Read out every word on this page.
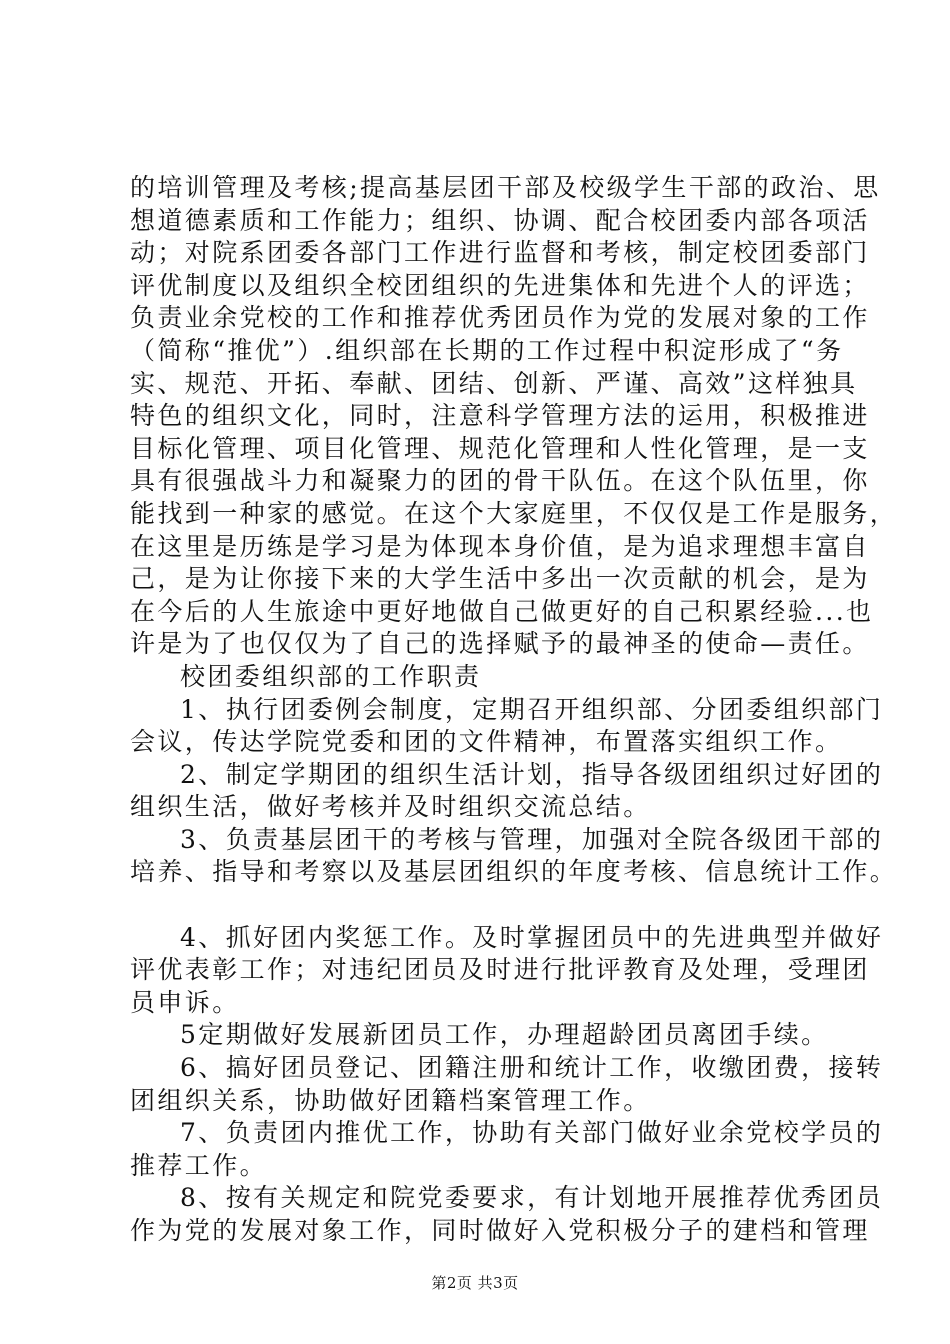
的培训管理及考核;提高基层团干部及校级学生干部的政治、思
想道德素质和工作能力；组织、协调、配合校团委内部各项活
动；对院系团委各部门工作进行监督和考核，制定校团委部门
评优制度以及组织全校团组织的先进集体和先进个人的评选；
负责业余党校的工作和推荐优秀团员作为党的发展对象的工作
（简称“推优”）.组织部在长期的工作过程中积淀形成了“务
实、规范、开拓、奉献、团结、创新、严谨、高效”这样独具
特色的组织文化，同时，注意科学管理方法的运用，积极推进
目标化管理、项目化管理、规范化管理和人性化管理，是一支
具有很强战斗力和凝聚力的团的骨干队伍。在这个队伍里，你
能找到一种家的感觉。在这个大家庭里，不仅仅是工作是服务，
在这里是历练是学习是为体现本身价值，是为追求理想丰富自
己，是为让你接下来的大学生活中多出一次贡献的机会，是为
在今后的人生旅途中更好地做自己做更好的自己积累经验...也
许是为了也仅仅为了自己的选择赋予的最神圣的使命—责任。
校团委组织部的工作职责
1、执行团委例会制度，定期召开组织部、分团委组织部门
会议，传达学院党委和团的文件精神，布置落实组织工作。
2、制定学期团的组织生活计划，指导各级团组织过好团的
组织生活，做好考核并及时组织交流总结。
3、负责基层团干的考核与管理，加强对全院各级团干部的
培养、指导和考察以及基层团组织的年度考核、信息统计工作。
4、抓好团内奖惩工作。及时掌握团员中的先进典型并做好
评优表彰工作；对违纪团员及时进行批评教育及处理，受理团
员申诉。
5定期做好发展新团员工作，办理超龄团员离团手续。
6、搞好团员登记、团籍注册和统计工作，收缴团费，接转
团组织关系，协助做好团籍档案管理工作。
7、负责团内推优工作，协助有关部门做好业余党校学员的
推荐工作。
8、按有关规定和院党委要求，有计划地开展推荐优秀团员
作为党的发展对象工作，同时做好入党积极分子的建档和管理
第2页 共3页
